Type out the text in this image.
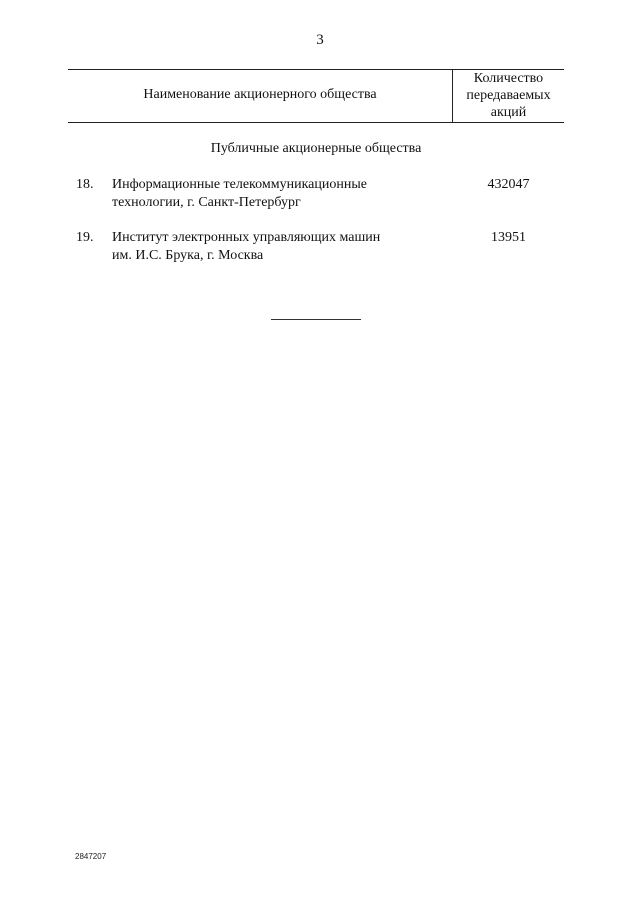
3
Наименование акционерного общества
Количество
передаваемых
акций
Публичные акционерные общества
18. Информационные телекоммуникационные
технологии, г. Санкт-Петербург
432047
19. Институт электронных управляющих машин
им. И.С. Брука, г. Москва
13951
2847207
